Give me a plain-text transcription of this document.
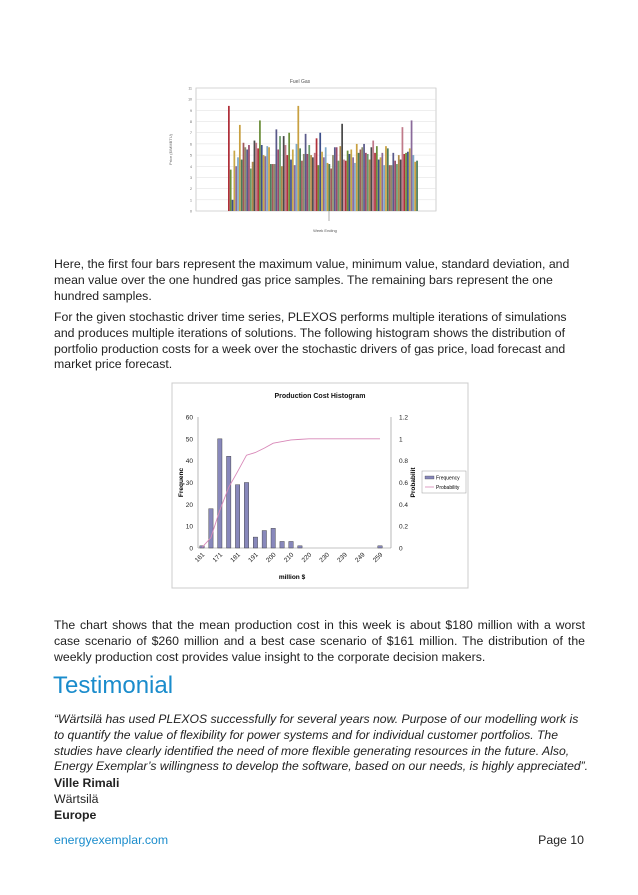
0
1
2
3
4
5
6
7
8
9
10
11
Fuel Gas
Week Ending
Price ($/MMBTU)

Here, the first four bars represent the maximum value, minimum value, standard deviation, and mean value over the one hundred gas price samples. The remaining bars represent the one hundred samples.

For the given stochastic driver time series, PLEXOS performs multiple iterations of simulations and produces multiple iterations of solutions. The following histogram shows the distribution of portfolio production costs for a week over the stochastic drivers of gas price, load forecast and market price forecast.

Production Cost Histogram
0
10
20
30
40
50
60
0
0.2
0.4
0.6
0.8
1
1.2
161 171 181 191 200 210 220 230 239 249 259
million $
Frequenc	Probabilit	Frequency
Probability

The chart shows that the mean production cost in this week is about $180 million with a worst case scenario of $260 million and a best case scenario of $161 million. The distribution of the weekly production cost provides value insight to the corporate decision makers.

Testimonial

“Wärtsilä has used PLEXOS successfully for several years now. Purpose of our modelling work is to quantify the value of flexibility for power systems and for individual customer portfolios. The studies have clearly identified the need of more flexible generating resources in the future. Also, Energy Exemplar’s willingness to develop the software, based on our needs, is highly appreciated”.

Ville Rimali
Wärtsilä
Europe
energyexemplar.com	Page 10
